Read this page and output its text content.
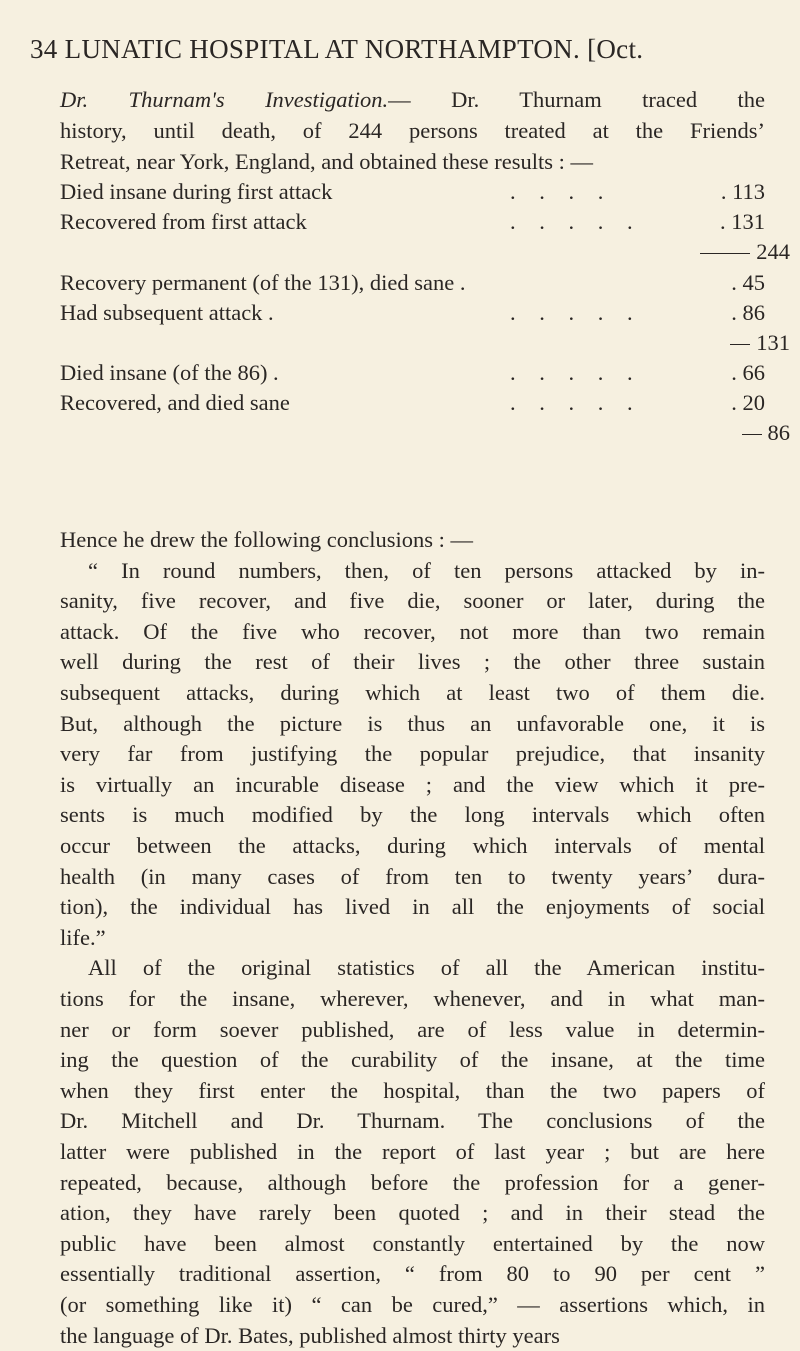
34 LUNATIC HOSPITAL AT NORTHAMPTON. [Oct.
Dr. Thurnam's Investigation.— Dr. Thurnam traced the
history, until death, of 244 persons treated at the Friends’
Retreat, near York, England, and obtained these results : —
Died insane during first attack	. . . .	. 113
Recovered from first attack	. . . . .	. 131
244
Recovery permanent (of the 131), died sane .	. 45
Had subsequent attack .	. . . . .	. 86
131
Died insane (of the 86) .	. . . . .	. 66
Recovered, and died sane	. . . . .	. 20
86
Hence he drew the following conclusions : —
“ In round numbers, then, of ten persons attacked by in-
sanity, five recover, and five die, sooner or later, during the
attack. Of the five who recover, not more than two remain
well during the rest of their lives ; the other three sustain
subsequent attacks, during which at least two of them die.
But, although the picture is thus an unfavorable one, it is
very far from justifying the popular prejudice, that insanity
is virtually an incurable disease ; and the view which it pre-
sents is much modified by the long intervals which often
occur between the attacks, during which intervals of mental
health (in many cases of from ten to twenty years’ dura-
tion), the individual has lived in all the enjoyments of social
life.”
All of the original statistics of all the American institu-
tions for the insane, wherever, whenever, and in what man-
ner or form soever published, are of less value in determin-
ing the question of the curability of the insane, at the time
when they first enter the hospital, than the two papers of
Dr. Mitchell and Dr. Thurnam. The conclusions of the
latter were published in the report of last year ; but are here
repeated, because, although before the profession for a gener-
ation, they have rarely been quoted ; and in their stead the
public have been almost constantly entertained by the now
essentially traditional assertion, “ from 80 to 90 per cent ”
(or something like it) “ can be cured,” — assertions which, in
the language of Dr. Bates, published almost thirty years
